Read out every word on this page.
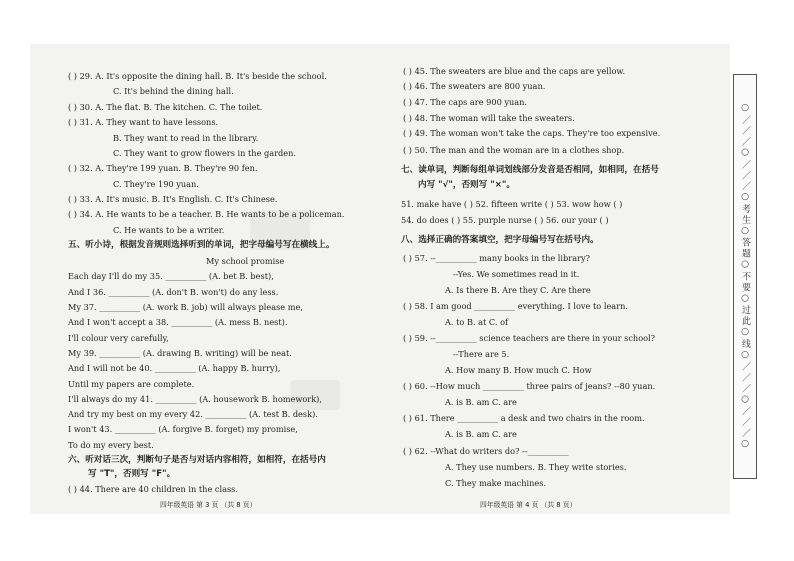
( ) 29. A. It's opposite the dining hall. B. It's beside the school.
C. It's behind the dining hall.
( ) 30. A. The flat. B. The kitchen. C. The toilet.
( ) 31. A. They want to have lessons.
B. They want to read in the library.
C. They want to grow flowers in the garden.
( ) 32. A. They're 199 yuan. B. They're 90 fen.
C. They're 190 yuan.
( ) 33. A. It's music. B. It's English. C. It's Chinese.
( ) 34. A. He wants to be a teacher. B. He wants to be a policeman.
C. He wants to be a writer.
五、听小诗，根据发音规则选择听到的单词，把字母编号写在横线上。
My school promise
Each day I'll do my 35. __________ (A. bet B. best),
And I 36. __________ (A. don't B. won't) do any less.
My 37. __________ (A. work B. job) will always please me,
And I won't accept a 38. __________ (A. mess B. nest).
I'll colour very carefully,
My 39. __________ (A. drawing B. writing) will be neat.
And I will not be 40. __________ (A. happy B. hurry),
Until my papers are complete.
I'll always do my 41. __________ (A. housework B. homework),
And try my best on my every 42. __________ (A. test B. desk).
I won't 43. __________ (A. forgive B. forget) my promise,
To do my every best.
六、听对话三次，判断句子是否与对话内容相符，如相符，在括号内
写 "T"，否则写 "F"。
( ) 44. There are 40 children in the class.
四年级英语 第 3 页 （共 8 页）
( ) 45. The sweaters are blue and the caps are yellow.
( ) 46. The sweaters are 800 yuan.
( ) 47. The caps are 900 yuan.
( ) 48. The woman will take the sweaters.
( ) 49. The woman won't take the caps. They're too expensive.
( ) 50. The man and the woman are in a clothes shop.
七、读单词，判断每组单词划线部分发音是否相同，如相同，在括号
内写 "√"，否则写 "×"。
51. make have ( ) 52. fifteen write ( ) 53. wow how ( )
54. do does ( ) 55. purple nurse ( ) 56. our your ( )
八、选择正确的答案填空，把字母编号写在括号内。
( ) 57. --__________ many books in the library?
--Yes. We sometimes read in it.
A. Is there B. Are they C. Are there
( ) 58. I am good __________ everything. I love to learn.
A. to B. at C. of
( ) 59. --__________ science teachers are there in your school?
--There are 5.
A. How many B. How much C. How
( ) 60. --How much __________ three pairs of jeans? --80 yuan.
A. is B. am C. are
( ) 61. There __________ a desk and two chairs in the room.
A. is B. am C. are
( ) 62. --What do writers do? --__________
A. They use numbers. B. They write stories.
C. They make machines.
四年级英语 第 4 页 （共 8 页）
○／／／○／／／○考生○答题○不要○过此○线○／／／○／／／○
